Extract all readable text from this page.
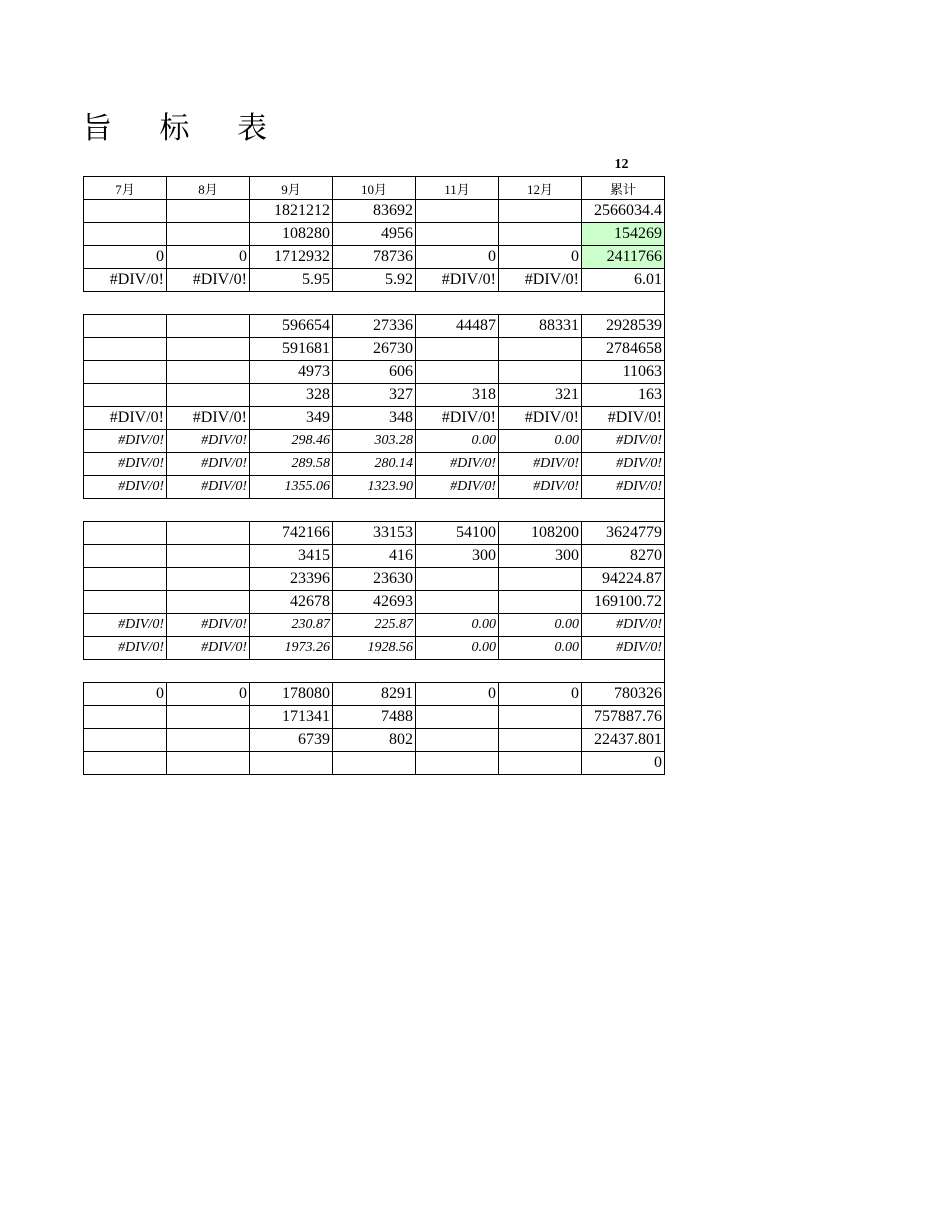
旨 标 表
12
7月	8月	9月	10月	11月	12月	累计
		1821212	83692			2566034.4
		108280	4956			154269
0	0	1712932	78736	0	0	2411766
#DIV/0!	#DIV/0!	5.95	5.92	#DIV/0!	#DIV/0!	6.01

		596654	27336	44487	88331	2928539
		591681	26730			2784658
		4973	606			11063
		328	327	318	321	163
#DIV/0!	#DIV/0!	349	348	#DIV/0!	#DIV/0!	#DIV/0!
#DIV/0!	#DIV/0!	298.46	303.28	0.00	0.00	#DIV/0!
#DIV/0!	#DIV/0!	289.58	280.14	#DIV/0!	#DIV/0!	#DIV/0!
#DIV/0!	#DIV/0!	1355.06	1323.90	#DIV/0!	#DIV/0!	#DIV/0!

		742166	33153	54100	108200	3624779
		3415	416	300	300	8270
		23396	23630			94224.87
		42678	42693			169100.72
#DIV/0!	#DIV/0!	230.87	225.87	0.00	0.00	#DIV/0!
#DIV/0!	#DIV/0!	1973.26	1928.56	0.00	0.00	#DIV/0!

0	0	178080	8291	0	0	780326
		171341	7488			757887.76
		6739	802			22437.801
						0
